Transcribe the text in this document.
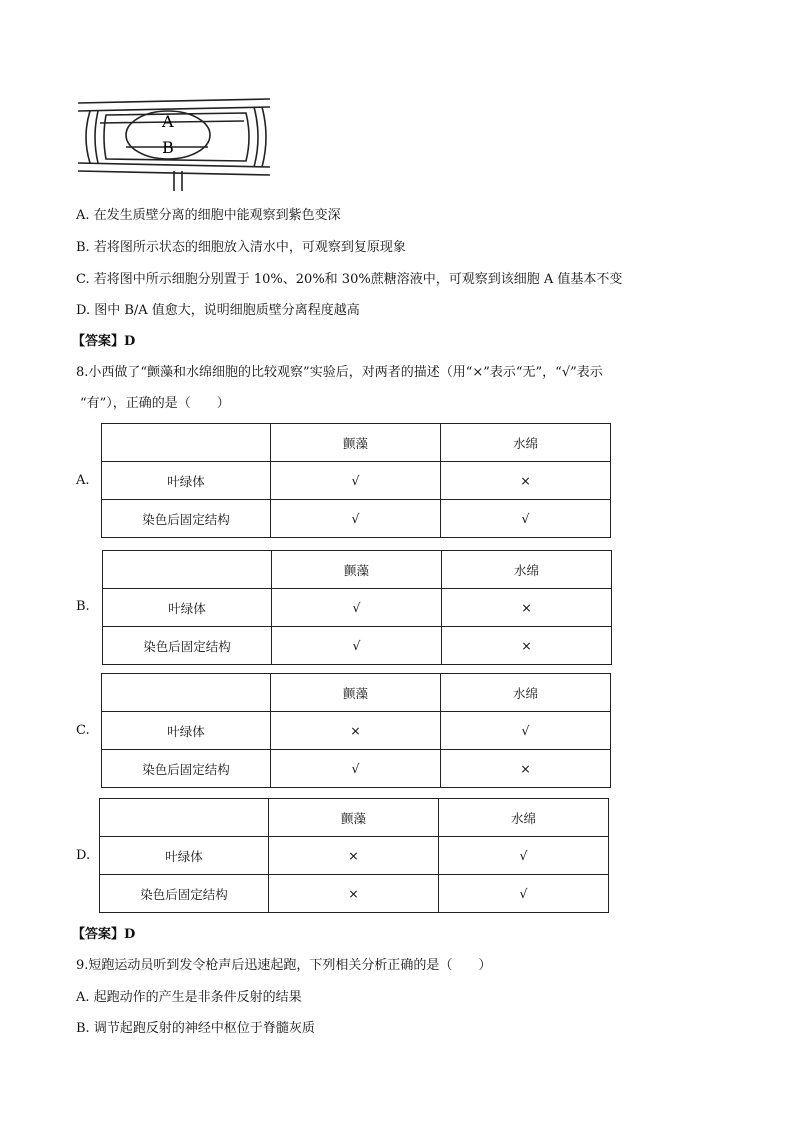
A
B
A. 在发生质壁分离的细胞中能观察到紫色变深
B. 若将图所示状态的细胞放入清水中，可观察到复原现象
C. 若将图中所示细胞分别置于 10%、20%和 30%蔗糖溶液中，可观察到该细胞 A 值基本不变
D. 图中 B/A 值愈大，说明细胞质壁分离程度越高
【答案】D
8.小西做了“颤藻和水绵细胞的比较观察”实验后，对两者的描述（用“×”表示“无”，“√”表示
“有”），正确的是（　　）
A.
	颤藻	水绵
叶绿体	√	×
染色后固定结构	√	√
B.
	颤藻	水绵
叶绿体	√	×
染色后固定结构	√	×
C.
	颤藻	水绵
叶绿体	×	√
染色后固定结构	√	×
D.
	颤藻	水绵
叶绿体	×	√
染色后固定结构	×	√
【答案】D
9.短跑运动员听到发令枪声后迅速起跑，下列相关分析正确的是（　　）
A. 起跑动作的产生是非条件反射的结果
B. 调节起跑反射的神经中枢位于脊髓灰质
